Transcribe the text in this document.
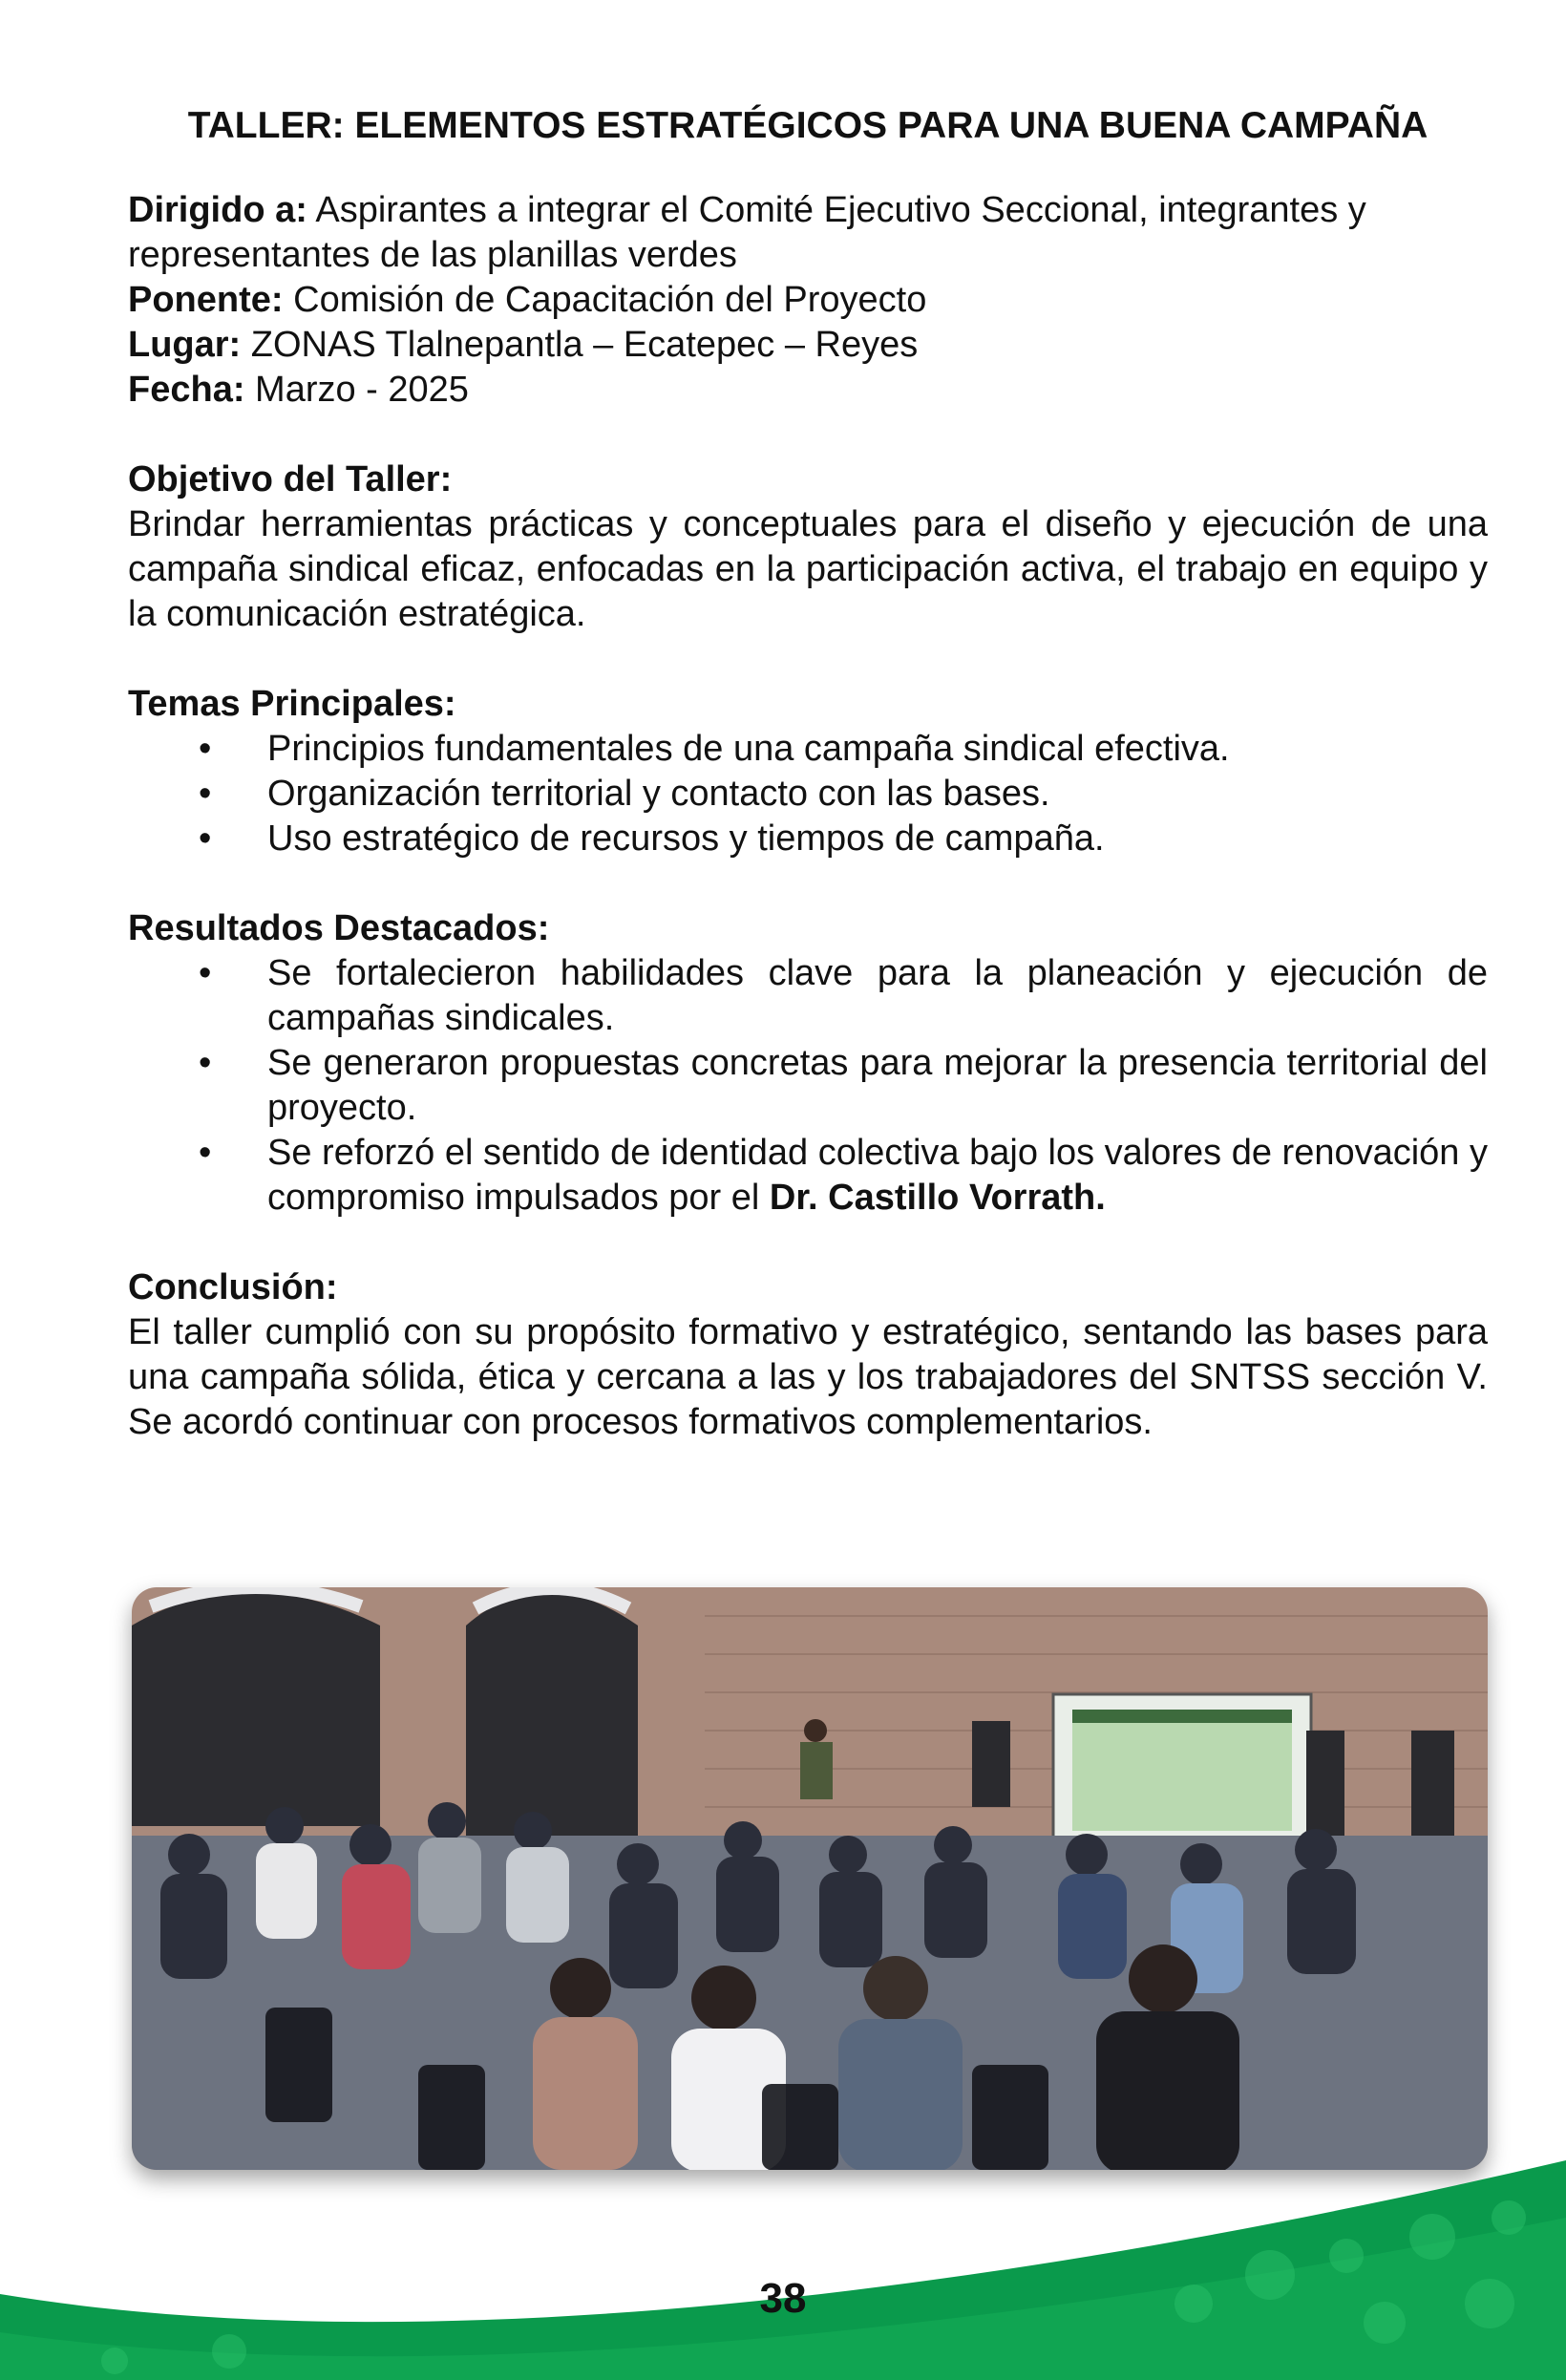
TALLER: ELEMENTOS ESTRATÉGICOS PARA UNA BUENA CAMPAÑA

Dirigido a: Aspirantes a integrar el Comité Ejecutivo Seccional, integrantes y representantes de las planillas verdes

Ponente: Comisión de Capacitación del Proyecto

Lugar: ZONAS Tlalnepantla – Ecatepec – Reyes

Fecha: Marzo - 2025

Objetivo del Taller:

Brindar herramientas prácticas y conceptuales para el diseño y ejecución de una campaña sindical eficaz, enfocadas en la participación activa, el trabajo en equipo y la comunicación estratégica.

Temas Principales:

• Principios fundamentales de una campaña sindical efectiva.
• Organización territorial y contacto con las bases.
• Uso estratégico de recursos y tiempos de campaña.

Resultados Destacados:

• Se fortalecieron habilidades clave para la planeación y ejecución de campañas sindicales.
• Se generaron propuestas concretas para mejorar la presencia territorial del proyecto.
• Se reforzó el sentido de identidad colectiva bajo los valores de renovación y compromiso impulsados por el Dr. Castillo Vorrath.

Conclusión:

El taller cumplió con su propósito formativo y estratégico, sentando las bases para una campaña sólida, ética y cercana a las y los trabajadores del SNTSS sección V. Se acordó continuar con procesos formativos complementarios.

38
